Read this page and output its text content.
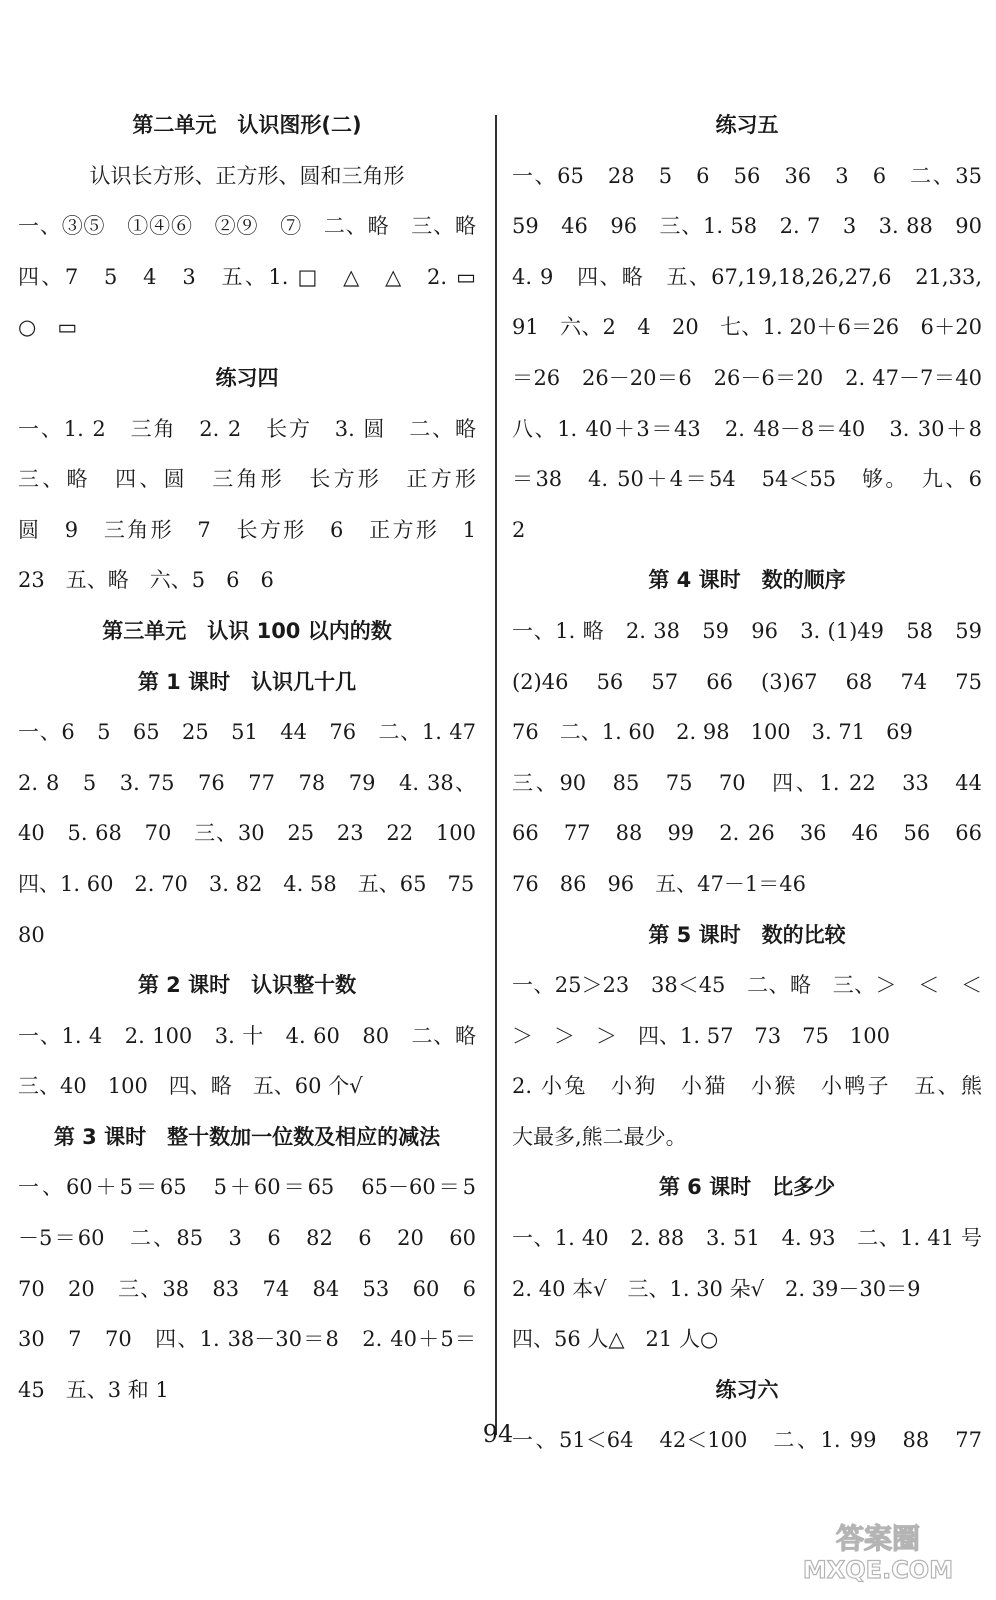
第二单元　认识图形(二)
认识长方形、正方形、圆和三角形
一、③⑤　①④⑥　②⑨　⑦　二、略　三、略
四、7　5　4　3　五、1. □　△　△　2. ▭
○　▭
练习四
一、1. 2　三角　2. 2　长方　3. 圆　二、略
三、略　四、圆　三角形　长方形　正方形
圆　9　三角形　7　长方形　6　正方形　1
23　五、略　六、5　6　6
第三单元　认识 100 以内的数
第 1 课时　认识几十几
一、6　5　65　25　51　44　76　二、1. 47
2. 8　5　3. 75　76　77　78　79　4. 38、
40　5. 68　70　三、30　25　23　22　100
四、1. 60　2. 70　3. 82　4. 58　五、65　75
80
第 2 课时　认识整十数
一、1. 4　2. 100　3. 十　4. 60　80　二、略
三、40　100　四、略　五、60 个√
第 3 课时　整十数加一位数及相应的减法
一、60＋5＝65　5＋60＝65　65－60＝5　
－5＝60　二、85　3　6　82　6　20　60　
70　20　三、38　83　74　84　53　60　6
30　7　70　四、1. 38－30＝8　2. 40＋5＝
45　五、3 和 1
练习五
一、65　28　5　6　56　36　3　6　二、35
59　46　96　三、1. 58　2. 7　3　3. 88　90
4. 9　四、略　五、67,19,18,26,27,6　21,33,
91　六、2　4　20　七、1. 20＋6＝26　6＋20
＝26　26－20＝6　26－6＝20　2. 47－7＝40
八、1. 40＋3＝43　2. 48－8＝40　3. 30＋8
＝38　4. 50＋4＝54　54＜55　够。　九、6
2
第 4 课时　数的顺序
一、1. 略　2. 38　59　96　3. (1)49　58　59
(2)46　56　57　66　(3)67　68　74　75
76　二、1. 60　2. 98　100　3. 71　69
三、90　85　75　70　四、1. 22　33　44　
66　77　88　99　2. 26　36　46　56　66
76　86　96　五、47－1＝46
第 5 课时　数的比较
一、25＞23　38＜45　二、略　三、＞　＜　＜
＞　＞　＞　四、1. 57　73　75　100
2. 小兔　小狗　小猫　小猴　小鸭子　五、熊
大最多,熊二最少。
第 6 课时　比多少
一、1. 40　2. 88　3. 51　4. 93　二、1. 41 号
2. 40 本√　三、1. 30 朵√　2. 39－30＝9
四、56 人△　21 人○
练习六
一、51＜64　42＜100　二、1. 99　88　77　
94
答案圈
MXQE.COM
